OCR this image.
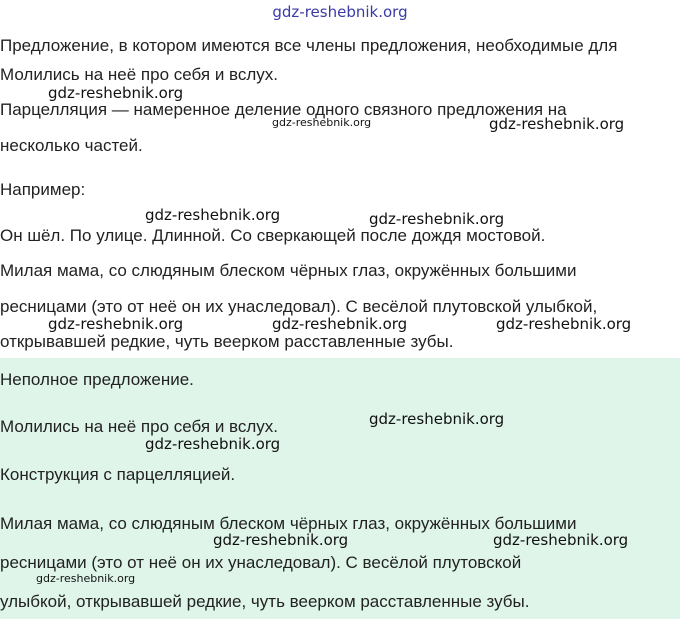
gdz-reshebnik.org
Предложение, в котором имеются все члены предложения, необходимые для
Молились на неё про себя и вслух.
Парцелляция — намеренное деление одного связного предложения на
несколько частей.
Например:
Он шёл. По улице. Длинной. Со сверкающей после дождя мостовой.
Милая мама, со слюдяным блеском чёрных глаз, окружённых большими
ресницами (это от неё он их унаследовал). С весёлой плутовской улыбкой,
открывавшей редкие, чуть веерком расставленные зубы.
Неполное предложение.
Молились на неё про себя и вслух.
Конструкция с парцелляцией.
Милая мама, со слюдяным блеском чёрных глаз, окружённых большими
ресницами (это от неё он их унаследовал). С весёлой плутовской
улыбкой, открывавшей редкие, чуть веерком расставленные зубы.
gdz-reshebnik.org
gdz-reshebnik.org	gdz-reshebnik.org
gdz-reshebnik.org	gdz-reshebnik.org
gdz-reshebnik.org	gdz-reshebnik.org	gdz-reshebnik.org
gdz-reshebnik.org
gdz-reshebnik.org
gdz-reshebnik.org	gdz-reshebnik.org
gdz-reshebnik.org
